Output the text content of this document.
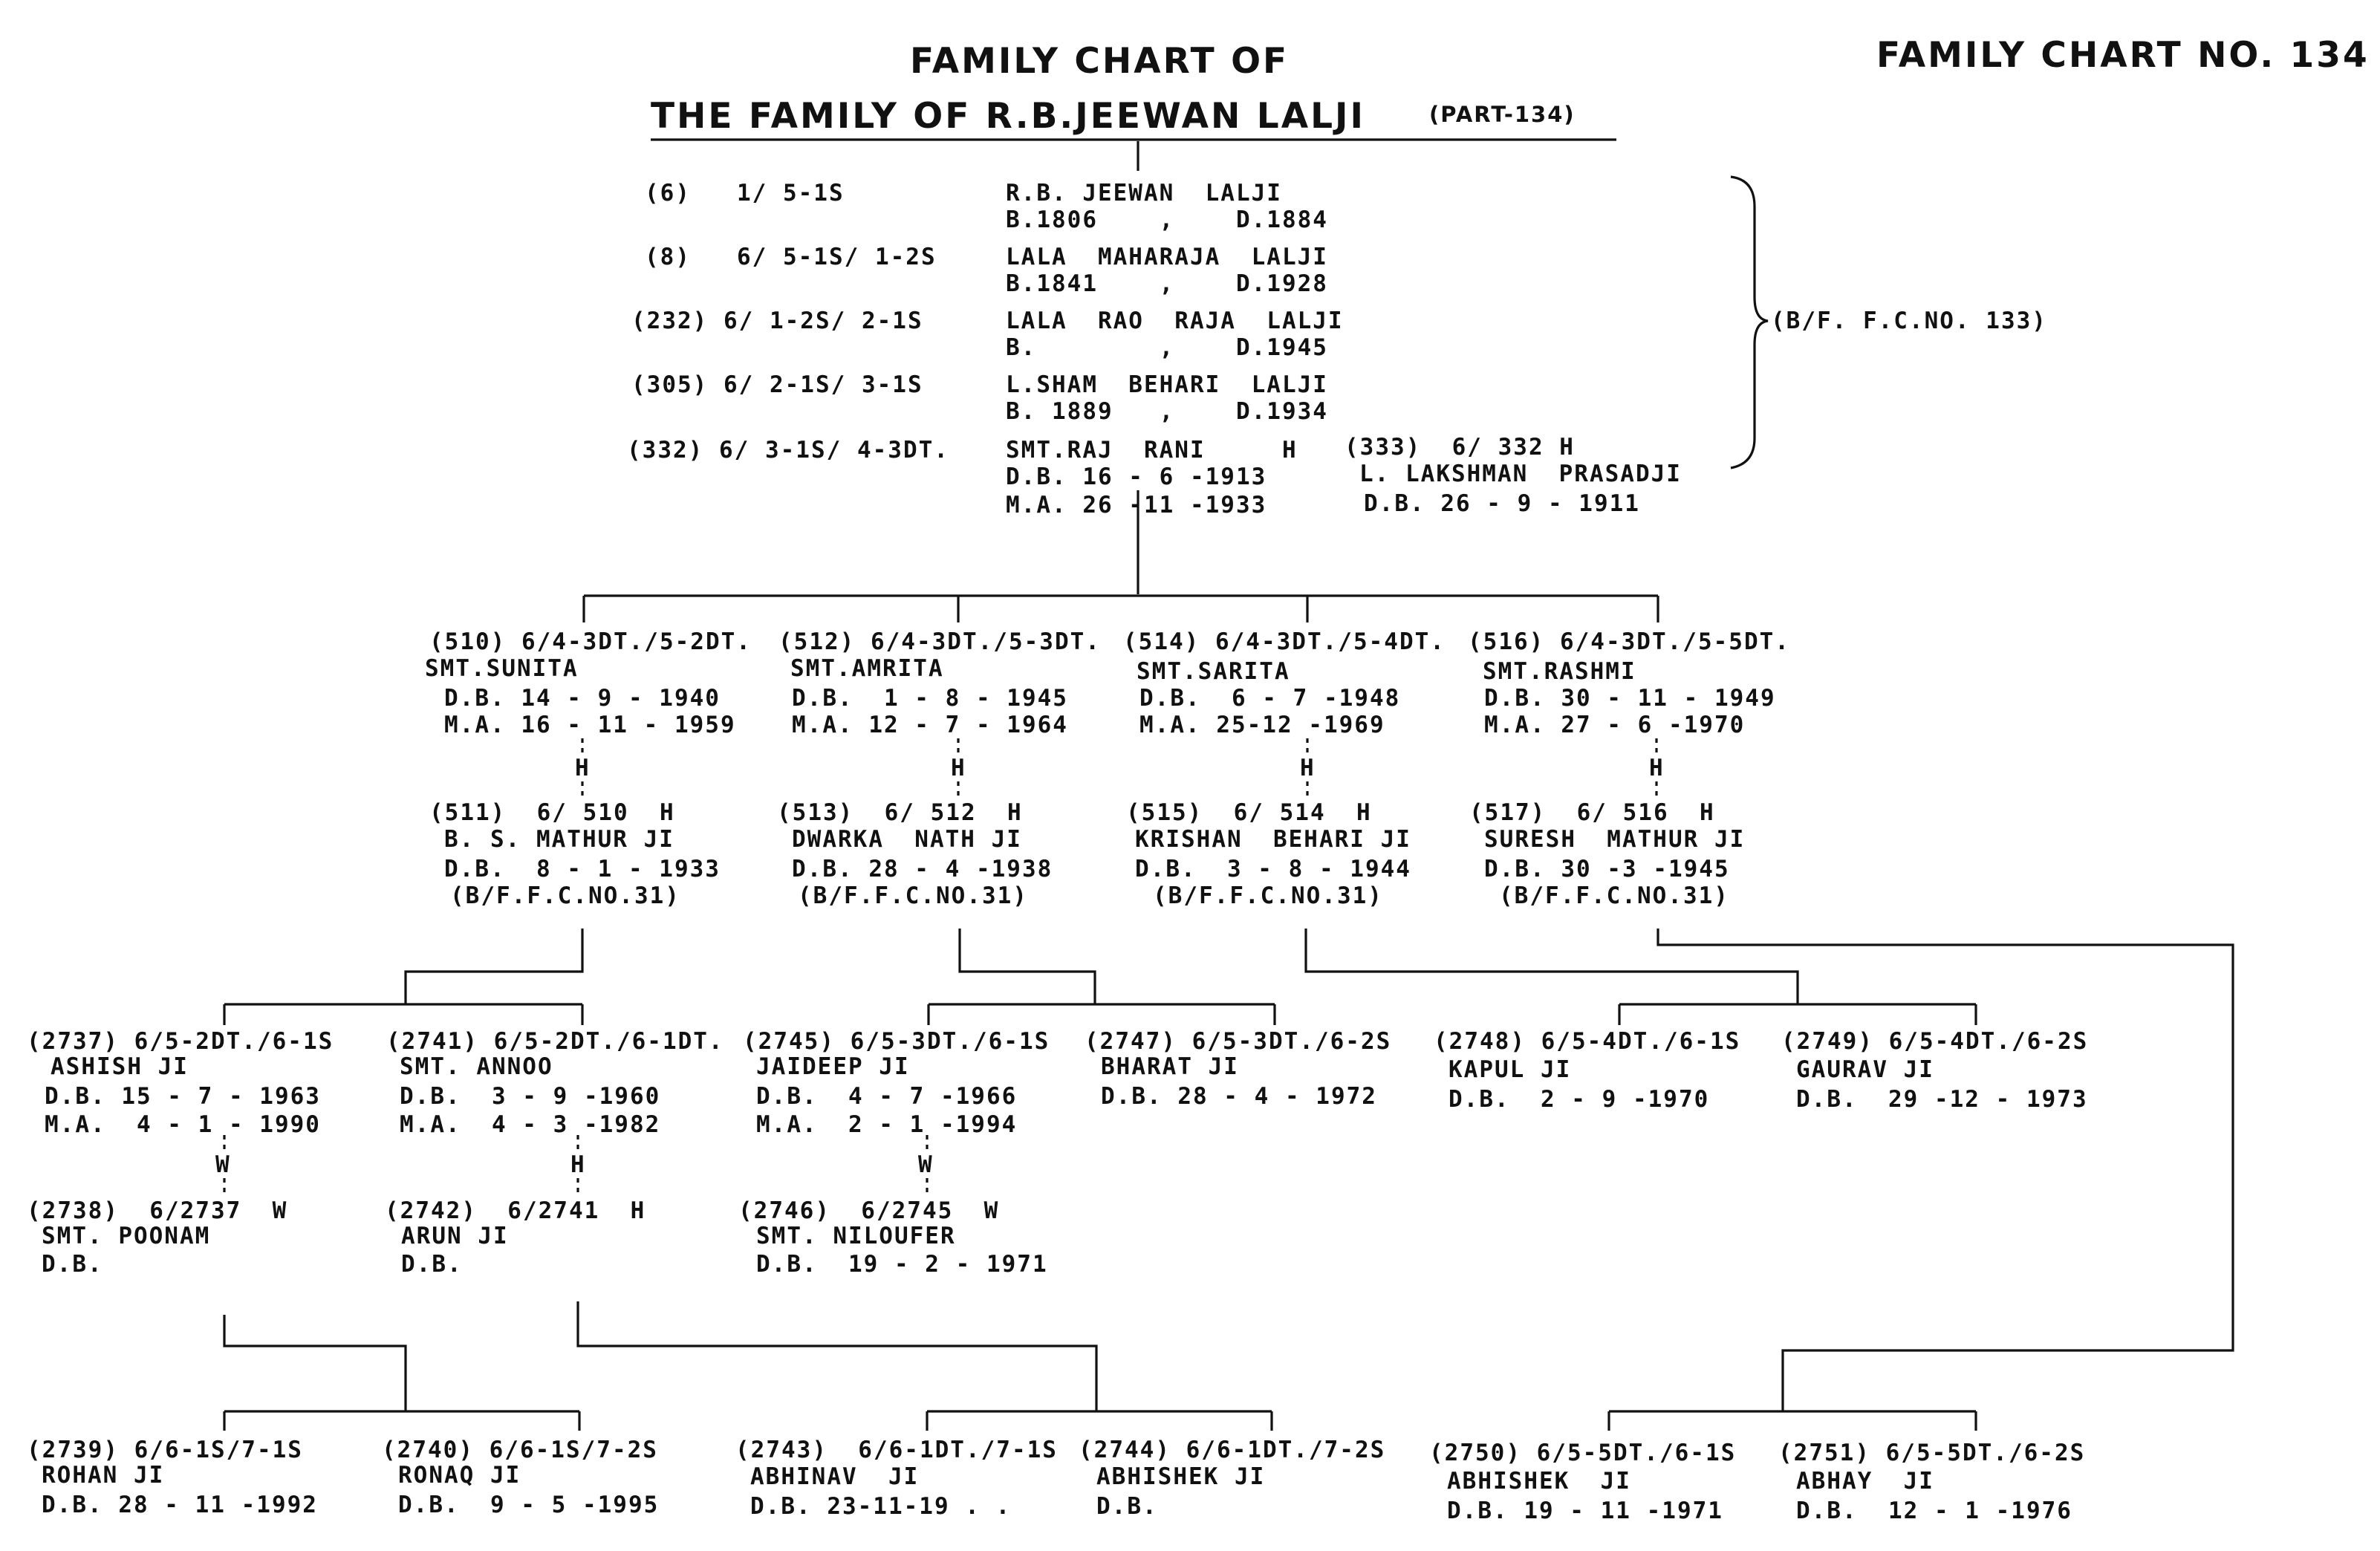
FAMILY CHART OF
THE FAMILY OF R.B.JEEWAN LALJI	(PART-134)
FAMILY CHART NO. 134
(B/F. F.C.NO. 133)
(6)   1/ 5-1S	R.B. JEEWAN  LALJI
B.1806    ,    D.1884
(8)   6/ 5-1S/ 1-2S	LALA  MAHARAJA  LALJI
B.1841    ,    D.1928
(232) 6/ 1-2S/ 2-1S	LALA  RAO  RAJA  LALJI
B.        ,    D.1945
(305) 6/ 2-1S/ 3-1S	L.SHAM  BEHARI  LALJI
B. 1889   ,    D.1934
(332) 6/ 3-1S/ 4-3DT. SMT.RAJ  RANI
D.B. 16 - 6 -1913
M.A. 26 -11 -1933
H (333)  6/ 332 H
L. LAKSHMAN  PRASADJI
D.B. 26 - 9 - 1911
(510) 6/4-3DT./5-2DT.
SMT.SUNITA
D.B. 14 - 9 - 1940
M.A. 16 - 11 - 1959
H
(511)  6/ 510  H
B. S. MATHUR JI
D.B.  8 - 1 - 1933
(B/F.F.C.NO.31)
(512) 6/4-3DT./5-3DT.
SMT.AMRITA
D.B.  1 - 8 - 1945
M.A. 12 - 7 - 1964
H
(513)  6/ 512  H
DWARKA  NATH JI
D.B. 28 - 4 -1938
(B/F.F.C.NO.31)
(514) 6/4-3DT./5-4DT.
SMT.SARITA
D.B.  6 - 7 -1948
M.A. 25-12 -1969
H
(515)  6/ 514  H
KRISHAN  BEHARI JI
D.B.  3 - 8 - 1944
(B/F.F.C.NO.31)
(516) 6/4-3DT./5-5DT.
SMT.RASHMI
D.B. 30 - 11 - 1949
M.A. 27 - 6 -1970
H
(517)  6/ 516  H
SURESH  MATHUR JI
D.B. 30 -3 -1945
(B/F.F.C.NO.31)
(2737) 6/5-2DT./6-1S
ASHISH JI
D.B. 15 - 7 - 1963
M.A.  4 - 1 - 1990
W
(2738)  6/2737  W
SMT. POONAM
D.B.
(2741) 6/5-2DT./6-1DT.
SMT. ANNOO
D.B.  3 - 9 -1960
M.A.  4 - 3 -1982
H
(2742)  6/2741  H
ARUN JI
D.B.
(2745) 6/5-3DT./6-1S
JAIDEEP JI
D.B.  4 - 7 -1966
M.A.  2 - 1 -1994
W
(2746)  6/2745  W
SMT. NILOUFER
D.B.  19 - 2 - 1971
(2747) 6/5-3DT./6-2S
BHARAT JI
D.B. 28 - 4 - 1972
(2748) 6/5-4DT./6-1S
KAPUL JI
D.B.  2 - 9 -1970
(2749) 6/5-4DT./6-2S
GAURAV JI
D.B.  29 -12 - 1973
(2739) 6/6-1S/7-1S
ROHAN JI
D.B. 28 - 11 -1992
(2740) 6/6-1S/7-2S
RONAQ JI
D.B.  9 - 5 -1995
(2743)  6/6-1DT./7-1S
ABHINAV  JI
D.B. 23-11-19 . .
(2744) 6/6-1DT./7-2S
ABHISHEK JI
D.B.
(2750) 6/5-5DT./6-1S
ABHISHEK  JI
D.B. 19 - 11 -1971
(2751) 6/5-5DT./6-2S
ABHAY  JI
D.B.  12 - 1 -1976
